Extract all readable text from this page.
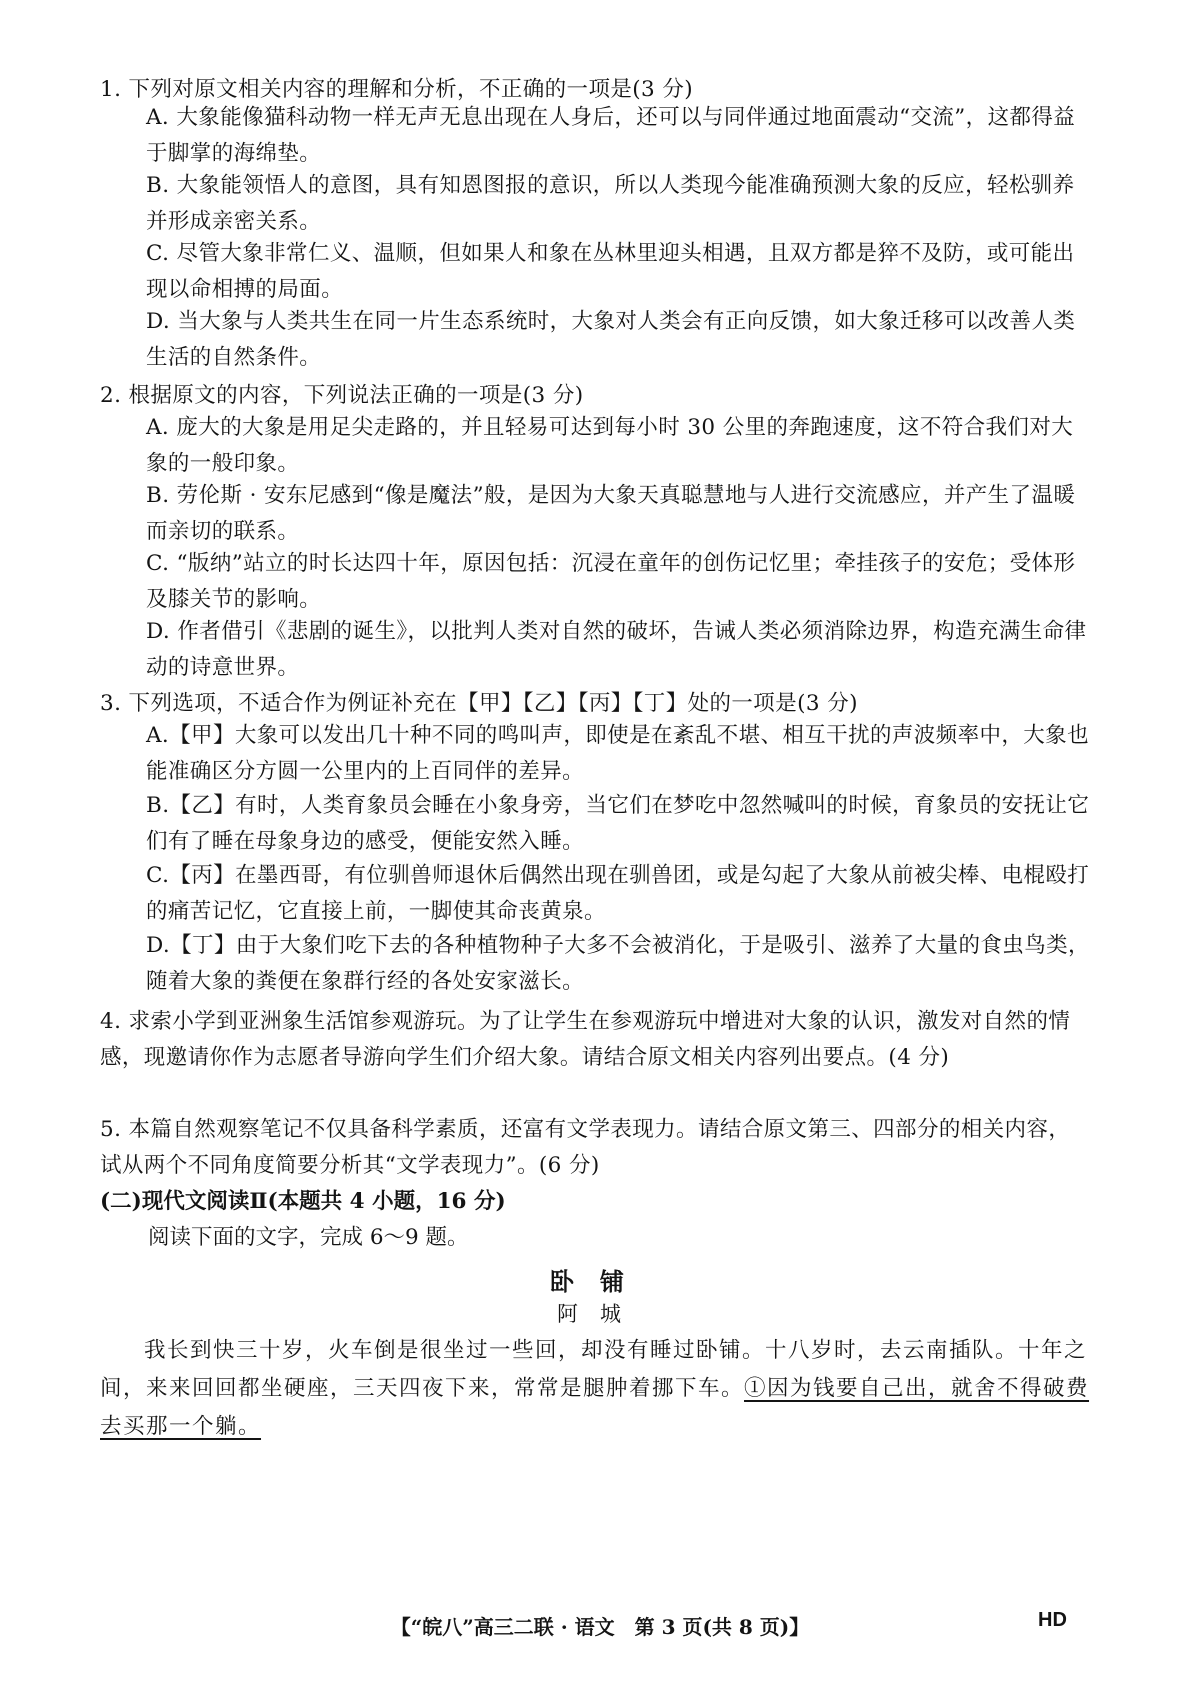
1. 下列对原文相关内容的理解和分析，不正确的一项是(3 分)
A. 大象能像猫科动物一样无声无息出现在人身后，还可以与同伴通过地面震动“交流”，这都得益于脚掌的海绵垫。
B. 大象能领悟人的意图，具有知恩图报的意识，所以人类现今能准确预测大象的反应，轻松驯养并形成亲密关系。
C. 尽管大象非常仁义、温顺，但如果人和象在丛林里迎头相遇，且双方都是猝不及防，或可能出现以命相搏的局面。
D. 当大象与人类共生在同一片生态系统时，大象对人类会有正向反馈，如大象迁移可以改善人类生活的自然条件。
2. 根据原文的内容，下列说法正确的一项是(3 分)
A. 庞大的大象是用足尖走路的，并且轻易可达到每小时 30 公里的奔跑速度，这不符合我们对大象的一般印象。
B. 劳伦斯 · 安东尼感到“像是魔法”般，是因为大象天真聪慧地与人进行交流感应，并产生了温暖而亲切的联系。
C. “版纳”站立的时长达四十年，原因包括：沉浸在童年的创伤记忆里；牵挂孩子的安危；受体形及膝关节的影响。
D. 作者借引《悲剧的诞生》，以批判人类对自然的破坏，告诫人类必须消除边界，构造充满生命律动的诗意世界。
3. 下列选项，不适合作为例证补充在【甲】【乙】【丙】【丁】处的一项是(3 分)
A.【甲】大象可以发出几十种不同的鸣叫声，即使是在紊乱不堪、相互干扰的声波频率中，大象也能准确区分方圆一公里内的上百同伴的差异。
B.【乙】有时，人类育象员会睡在小象身旁，当它们在梦吃中忽然喊叫的时候，育象员的安抚让它们有了睡在母象身边的感受，便能安然入睡。
C.【丙】在墨西哥，有位驯兽师退休后偶然出现在驯兽团，或是勾起了大象从前被尖棒、电棍殴打的痛苦记忆，它直接上前，一脚使其命丧黄泉。
D.【丁】由于大象们吃下去的各种植物种子大多不会被消化，于是吸引、滋养了大量的食虫鸟类，随着大象的粪便在象群行经的各处安家滋长。
4. 求索小学到亚洲象生活馆参观游玩。为了让学生在参观游玩中增进对大象的认识，激发对自然的情感，现邀请你作为志愿者导游向学生们介绍大象。请结合原文相关内容列出要点。(4 分)
5. 本篇自然观察笔记不仅具备科学素质，还富有文学表现力。请结合原文第三、四部分的相关内容，试从两个不同角度简要分析其“文学表现力”。(6 分)
(二)现代文阅读Ⅱ(本题共 4 小题，16 分)
阅读下面的文字，完成 6～9 题。
卧铺
阿城
我长到快三十岁，火车倒是很坐过一些回，却没有睡过卧铺。十八岁时，去云南插队。十年之间，来来回回都坐硬座，三天四夜下来，常常是腿肿着挪下车。①因为钱要自己出，就舍不得破费去买那一个躺。
【“皖八”高三二联 · 语文　第 3 页(共 8 页)】	HD
